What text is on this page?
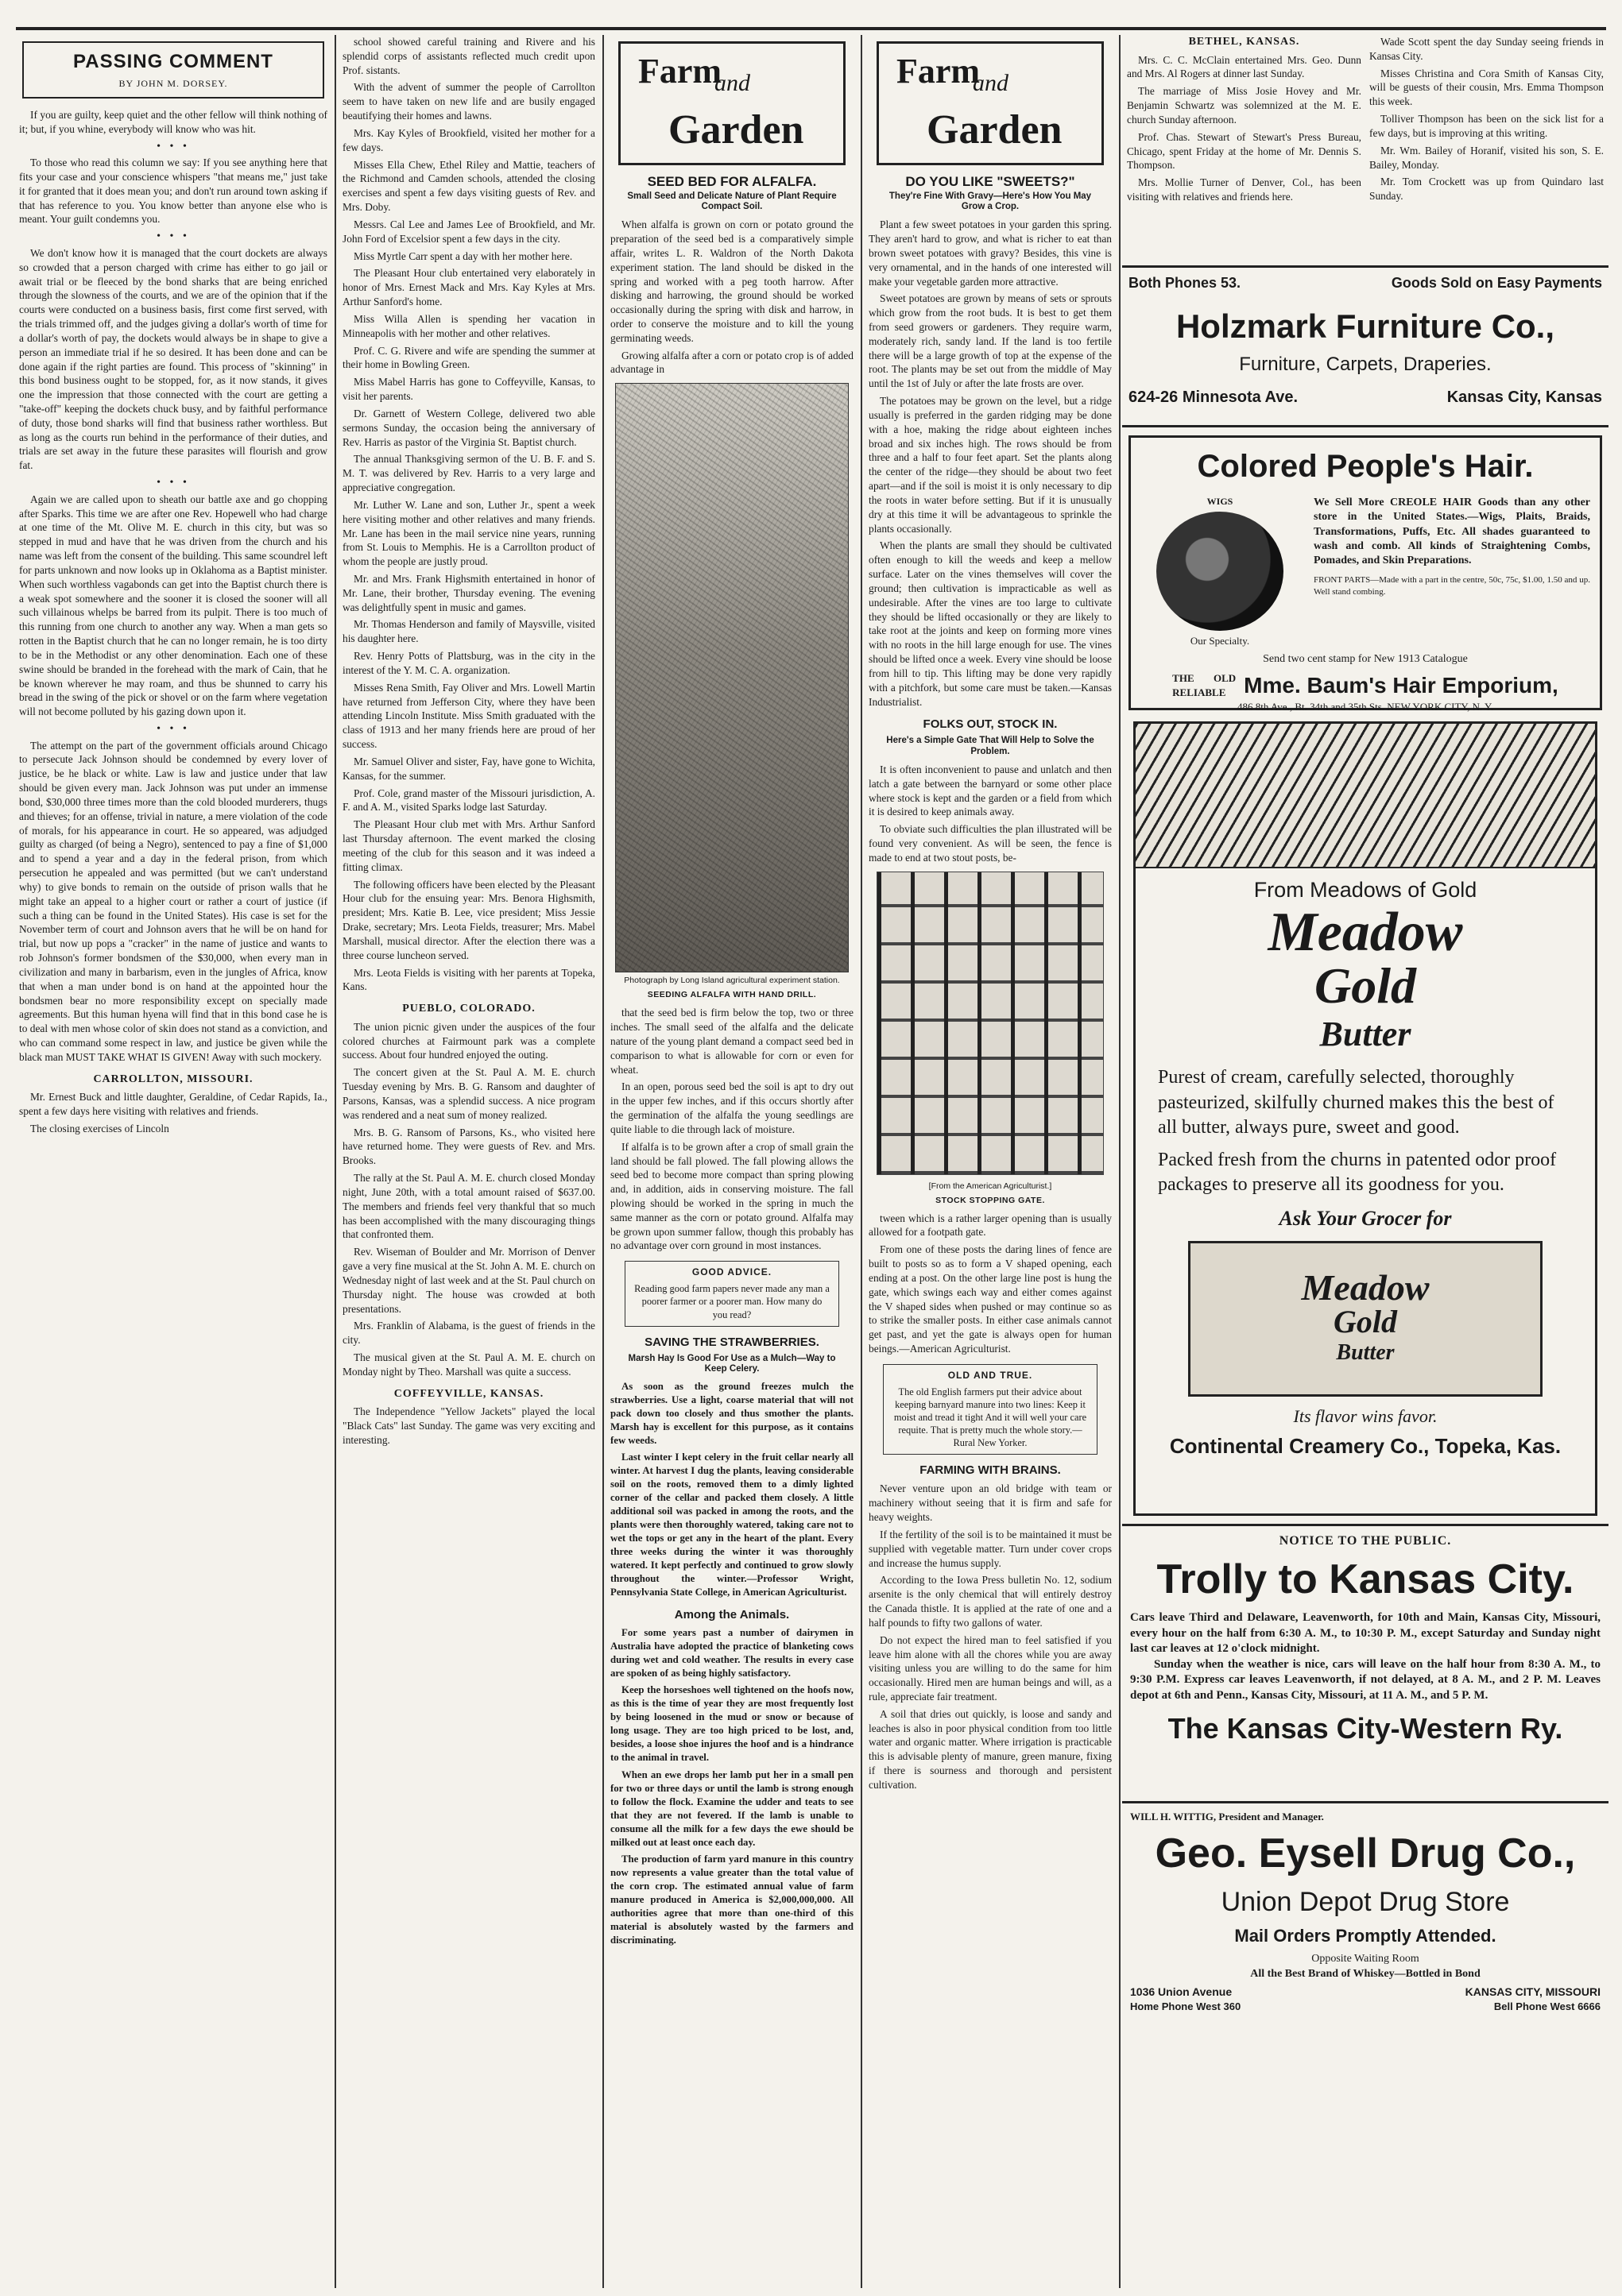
PASSING COMMENT
BY JOHN M. DORSEY.

If you are guilty, keep quiet and the other fellow will think nothing of it; but, if you whine, everybody will know who was hit.

• • •

To those who read this column we say: If you see anything here that fits your case and your conscience whispers "that means me," just take it for granted that it does mean you; and don't run around town asking if that has reference to you. You know better than anyone else who is meant. Your guilt condemns you.

• • •

We don't know how it is managed that the court dockets are always so crowded that a person charged with crime has either to go jail or await trial or be fleeced by the bond sharks that are being enriched through the slowness of the courts, and we are of the opinion that if the courts were conducted on a business basis, first come first served, with the trials trimmed off, and the judges giving a dollar's worth of time for a dollar's worth of pay, the dockets would always be in shape to give a person an immediate trial if he so desired. It has been done and can be done again if the right parties are found. This process of "skinning" in this bond business ought to be stopped, for, as it now stands, it gives one the impression that those connected with the court are getting a "take-off" keeping the dockets chuck busy, and by faithful performance of duty, those bond sharks will find that business rather worthless. But as long as the courts run behind in the performance of their duties, and trials are set away in the future these parasites will flourish and grow fat.

• • •

Again we are called upon to sheath our battle axe and go chopping after Sparks. This time we are after one Rev. Hopewell who had charge at one time of the Mt. Olive M. E. church in this city, but was so stepped in mud and have that he was driven from the church and his name was left from the consent of the building. This same scoundrel left for parts unknown and now looks up in Oklahoma as a Baptist minister. When such worthless vagabonds can get into the Baptist church there is a weak spot somewhere and the sooner it is closed the sooner will all such villainous whelps be barred from its pulpit. There is too much of this running from one church to another any way. When a man gets so rotten in the Baptist church that he can no longer remain, he is too dirty to be in the Methodist or any other denomination. Each one of these swine should be branded in the forehead with the mark of Cain, that he be known wherever he may roam, and thus be shunned to carry his bread in the swing of the pick or shovel or on the farm where vegetation will not become polluted by his gazing down upon it.

• • •

The attempt on the part of the government officials around Chicago to persecute Jack Johnson should be condemned by every lover of justice, be he black or white. Law is law and justice under that law should be given every man. Jack Johnson was put under an immense bond, $30,000 three times more than the cold blooded murderers, thugs and thieves; for an offense, trivial in nature, a mere violation of the code of morals, for his appearance in court. He so appeared, was adjudged guilty as charged (of being a Negro), sentenced to pay a fine of $1,000 and to spend a year and a day in the federal prison, from which persecution he appealed and was permitted (but we can't understand why) to give bonds to remain on the outside of prison walls that he might take an appeal to a higher court or rather a court of justice (if such a thing can be found in the United States). His case is set for the November term of court and Johnson avers that he will be on hand for trial, but now up pops a "cracker" in the name of justice and wants to rob Johnson's former bondsmen of the $30,000, when every man in civilization and many in barbarism, even in the jungles of Africa, know that when a man under bond is on hand at the appointed hour the bondsmen bear no more responsibility except on specially made agreements. But this human hyena will find that in this bond case he is to deal with men whose color of skin does not stand as a conviction, and who can command some respect in law, and justice be given while the black man MUST TAKE WHAT IS GIVEN! Away with such mockery.

CARROLLTON, MISSOURI.

Mr. Ernest Buck and little daughter, Geraldine, of Cedar Rapids, Ia., spent a few days here visiting with relatives and friends.

The closing exercises of Lincoln

school showed careful training and Rivere and his splendid corps of assistants reflected much credit upon Prof. sistants.

With the advent of summer the people of Carrollton seem to have taken on new life and are busily engaged beautifying their homes and lawns.

Mrs. Kay Kyles of Brookfield, visited her mother for a few days.

Misses Ella Chew, Ethel Riley and Mattie, teachers of the Richmond and Camden schools, attended the closing exercises and spent a few days visiting guests of Rev. and Mrs. Doby.

Messrs. Cal Lee and James Lee of Brookfield, and Mr. John Ford of Excelsior spent a few days in the city.

Miss Myrtle Carr spent a day with her mother here.

The Pleasant Hour club entertained very elaborately in honor of Mrs. Ernest Mack and Mrs. Kay Kyles at Mrs. Arthur Sanford's home.

Miss Willa Allen is spending her vacation in Minneapolis with her mother and other relatives.

Prof. C. G. Rivere and wife are spending the summer at their home in Bowling Green.

Miss Mabel Harris has gone to Coffeyville, Kansas, to visit her parents.

Dr. Garnett of Western College, delivered two able sermons Sunday, the occasion being the anniversary of Rev. Harris as pastor of the Virginia St. Baptist church.

The annual Thanksgiving sermon of the U. B. F. and S. M. T. was delivered by Rev. Harris to a very large and appreciative congregation.

Mr. Luther W. Lane and son, Luther Jr., spent a week here visiting mother and other relatives and many friends. Mr. Lane has been in the mail service nine years, running from St. Louis to Memphis. He is a Carrollton product of whom the people are justly proud.

Mr. and Mrs. Frank Highsmith entertained in honor of Mr. Lane, their brother, Thursday evening. The evening was delightfully spent in music and games.

Mr. Thomas Henderson and family of Maysville, visited his daughter here.

Rev. Henry Potts of Plattsburg, was in the city in the interest of the Y. M. C. A. organization.

Misses Rena Smith, Fay Oliver and Mrs. Lowell Martin have returned from Jefferson City, where they have been attending Lincoln Institute. Miss Smith graduated with the class of 1913 and her many friends here are proud of her success.

Mr. Samuel Oliver and sister, Fay, have gone to Wichita, Kansas, for the summer.

Prof. Cole, grand master of the Missouri jurisdiction, A. F. and A. M., visited Sparks lodge last Saturday.

The Pleasant Hour club met with Mrs. Arthur Sanford last Thursday afternoon. The event marked the closing meeting of the club for this season and it was indeed a fitting climax.

The following officers have been elected by the Pleasant Hour club for the ensuing year: Mrs. Benora Highsmith, president; Mrs. Katie B. Lee, vice president; Miss Jessie Drake, secretary; Mrs. Leota Fields, treasurer; Mrs. Mabel Marshall, musical director. After the election there was a three course luncheon served.

Mrs. Leota Fields is visiting with her parents at Topeka, Kans.

PUEBLO, COLORADO.

The union picnic given under the auspices of the four colored churches at Fairmount park was a complete success. About four hundred enjoyed the outing.

The concert given at the St. Paul A. M. E. church Tuesday evening by Mrs. B. G. Ransom and daughter of Parsons, Kansas, was a splendid success. A nice program was rendered and a neat sum of money realized.

Mrs. B. G. Ransom of Parsons, Ks., who visited here have returned home. They were guests of Rev. and Mrs. Brooks.

The rally at the St. Paul A. M. E. church closed Monday night, June 20th, with a total amount raised of $637.00. The members and friends feel very thankful that so much has been accomplished with the many discouraging things that confronted them.

Rev. Wiseman of Boulder and Mr. Morrison of Denver gave a very fine musical at the St. John A. M. E. church on Wednesday night of last week and at the St. Paul church on Thursday night. The house was crowded at both presentations.

Mrs. Franklin of Alabama, is the guest of friends in the city.

The musical given at the St. Paul A. M. E. church on Monday night by Theo. Marshall was quite a success.

COFFEYVILLE, KANSAS.

The Independence "Yellow Jackets" played the local "Black Cats" last Sunday. The game was very exciting and interesting.

Farm
and
Garden
SEED BED FOR ALFALFA.
Small Seed and Delicate Nature of Plant Require Compact Soil.

When alfalfa is grown on corn or potato ground the preparation of the seed bed is a comparatively simple affair, writes L. R. Waldron of the North Dakota experiment station. The land should be disked in the spring and worked with a peg tooth harrow. After disking and harrowing, the ground should be worked occasionally during the spring with disk and harrow, in order to conserve the moisture and to kill the young germinating weeds.

Growing alfalfa after a corn or potato crop is of added advantage in

Photograph by Long Island agricultural experiment station.
SEEDING ALFALFA WITH HAND DRILL.

that the seed bed is firm below the top, two or three inches. The small seed of the alfalfa and the delicate nature of the young plant demand a compact seed bed in comparison to what is allowable for corn or even for wheat.

In an open, porous seed bed the soil is apt to dry out in the upper few inches, and if this occurs shortly after the germination of the alfalfa the young seedlings are quite liable to die through lack of moisture.

If alfalfa is to be grown after a crop of small grain the land should be fall plowed. The fall plowing allows the seed bed to become more compact than spring plowing and, in addition, aids in conserving moisture. The fall plowing should be worked in the spring in much the same manner as the corn or potato ground. Alfalfa may be grown upon summer fallow, though this probably has no advantage over corn ground in most instances.

GOOD ADVICE.
Reading good farm papers never made any man a poorer farmer or a poorer man. How many do you read?
SAVING THE STRAWBERRIES.
Marsh Hay Is Good For Use as a Mulch—Way to Keep Celery.

As soon as the ground freezes mulch the strawberries. Use a light, coarse material that will not pack down too closely and thus smother the plants. Marsh hay is excellent for this purpose, as it contains few weeds.

Last winter I kept celery in the fruit cellar nearly all winter. At harvest I dug the plants, leaving considerable soil on the roots, removed them to a dimly lighted corner of the cellar and packed them closely. A little additional soil was packed in among the roots, and the plants were then thoroughly watered, taking care not to wet the tops or get any in the heart of the plant. Every three weeks during the winter it was thoroughly watered. It kept perfectly and continued to grow slowly throughout the winter.—Professor Wright, Pennsylvania State College, in American Agriculturist.

Among the Animals.

For some years past a number of dairymen in Australia have adopted the practice of blanketing cows during wet and cold weather. The results in every case are spoken of as being highly satisfactory.

Keep the horseshoes well tightened on the hoofs now, as this is the time of year they are most frequently lost by being loosened in the mud or snow or because of long usage. They are too high priced to be lost, and, besides, a loose shoe injures the hoof and is a hindrance to the animal in travel.

When an ewe drops her lamb put her in a small pen for two or three days or until the lamb is strong enough to follow the flock. Examine the udder and teats to see that they are not fevered. If the lamb is unable to consume all the milk for a few days the ewe should be milked out at least once each day.

The production of farm yard manure in this country now represents a value greater than the total value of the corn crop. The estimated annual value of farm manure produced in America is $2,000,000,000. All authorities agree that more than one-third of this material is absolutely wasted by the farmers and discriminating.

Farm
and
Garden
DO YOU LIKE "SWEETS?"
They're Fine With Gravy—Here's How You May Grow a Crop.

Plant a few sweet potatoes in your garden this spring. They aren't hard to grow, and what is richer to eat than brown sweet potatoes with gravy? Besides, this vine is very ornamental, and in the hands of one interested will make your vegetable garden more attractive.

Sweet potatoes are grown by means of sets or sprouts which grow from the root buds. It is best to get them from seed growers or gardeners. They require warm, moderately rich, sandy land. If the land is too fertile there will be a large growth of top at the expense of the root. The plants may be set out from the middle of May until the 1st of July or after the late frosts are over.

The potatoes may be grown on the level, but a ridge usually is preferred in the garden ridging may be done with a hoe, making the ridge about eighteen inches broad and six inches high. The rows should be from three and a half to four feet apart. Set the plants along the center of the ridge—they should be about two feet apart—and if the soil is moist it is only necessary to dip the roots in water before setting. But if it is unusually dry at this time it will be advantageous to sprinkle the plants occasionally.

When the plants are small they should be cultivated often enough to kill the weeds and keep a mellow surface. Later on the vines themselves will cover the ground; then cultivation is impracticable as well as undesirable. After the vines are too large to cultivate they should be lifted occasionally or they are likely to take root at the joints and keep on forming more vines with no roots in the hill large enough for use. The vines should be lifted once a week. Every vine should be loose from hill to tip. This lifting may be done very rapidly with a pitchfork, but some care must be taken.—Kansas Industrialist.

FOLKS OUT, STOCK IN.
Here's a Simple Gate That Will Help to Solve the Problem.

It is often inconvenient to pause and unlatch and then latch a gate between the barnyard or some other place where stock is kept and the garden or a field from which it is desired to keep animals away.

To obviate such difficulties the plan illustrated will be found very convenient. As will be seen, the fence is made to end at two stout posts, be-

[From the American Agriculturist.]
STOCK STOPPING GATE.

tween which is a rather larger opening than is usually allowed for a footpath gate.

From one of these posts the daring lines of fence are built to posts so as to form a V shaped opening, each ending at a post. On the other large line post is hung the gate, which swings each way and either comes against the V shaped sides when pushed or may continue so as to strike the smaller posts. In either case animals cannot get past, and yet the gate is always open for human beings.—American Agriculturist.

OLD AND TRUE.
The old English farmers put their advice about keeping barnyard manure into two lines: Keep it moist and tread it tight And it will well your care requite. That is pretty much the whole story.—Rural New Yorker.
FARMING WITH BRAINS.

Never venture upon an old bridge with team or machinery without seeing that it is firm and safe for heavy weights.

If the fertility of the soil is to be maintained it must be supplied with vegetable matter. Turn under cover crops and increase the humus supply.

According to the Iowa Press bulletin No. 12, sodium arsenite is the only chemical that will entirely destroy the Canada thistle. It is applied at the rate of one and a half pounds to fifty two gallons of water.

Do not expect the hired man to feel satisfied if you leave him alone with all the chores while you are away visiting unless you are willing to do the same for him occasionally. Hired men are human beings and will, as a rule, appreciate fair treatment.

A soil that dries out quickly, is loose and sandy and leaches is also in poor physical condition from too little water and organic matter. Where irrigation is practicable this is advisable plenty of manure, green manure, fixing if there is sourness and thorough and persistent cultivation.

BETHEL, KANSAS.

Mrs. C. C. McClain entertained Mrs. Geo. Dunn and Mrs. Al Rogers at dinner last Sunday.

The marriage of Miss Josie Hovey and Mr. Benjamin Schwartz was solemnized at the M. E. church Sunday afternoon.

Prof. Chas. Stewart of Stewart's Press Bureau, Chicago, spent Friday at the home of Mr. Dennis S. Thompson.

Mrs. Mollie Turner of Denver, Col., has been visiting with relatives and friends here.

Wade Scott spent the day Sunday seeing friends in Kansas City.

Misses Christina and Cora Smith of Kansas City, will be guests of their cousin, Mrs. Emma Thompson this week.

Tolliver Thompson has been on the sick list for a few days, but is improving at this writing.

Mr. Wm. Bailey of Horanif, visited his son, S. E. Bailey, Monday.

Mr. Tom Crockett was up from Quindaro last Sunday.

Both Phones 53.	Goods Sold on Easy Payments
Holzmark Furniture Co.,
Furniture, Carpets, Draperies.
624-26 Minnesota Ave.	Kansas City, Kansas
Colored People's Hair.
WIGS
Our Specialty.
We Sell More CREOLE HAIR Goods than any other store in the United States.—Wigs, Plaits, Braids, Transformations, Puffs, Etc. All shades guaranteed to wash and comb. All kinds of Straightening Combs, Pomades, and Skin Preparations.
FRONT PARTS—Made with a part in the centre, 50c, 75c, $1.00, 1.50 and up. Well stand combing.
Send two cent stamp for New 1913 Catalogue
THE OLD RELIABLE Mme. Baum's Hair Emporium,
486 8th Ave., Bt. 34th and 35th Sts. NEW YORK CITY, N. Y.
From Meadows of Gold
Meadow
Gold
Butter
Purest of cream, carefully selected, thoroughly pasteurized, skilfully churned makes this the best of all butter, always pure, sweet and good.
Packed fresh from the churns in patented odor proof packages to preserve all its goodness for you.
Ask Your Grocer for
Meadow
Gold
Butter
Its flavor wins favor.
Continental Creamery Co., Topeka, Kas.
NOTICE TO THE PUBLIC.
Trolly to Kansas City.
Cars leave Third and Delaware, Leavenworth, for 10th and Main, Kansas City, Missouri, every hour on the half from 6:30 A. M., to 10:30 P. M., except Saturday and Sunday night last car leaves at 12 o'clock midnight.
Sunday when the weather is nice, cars will leave on the half hour from 8:30 A. M., to 9:30 P.M. Express car leaves Leavenworth, if not delayed, at 8 A. M., and 2 P. M. Leaves depot at 6th and Penn., Kansas City, Missouri, at 11 A. M., and 5 P. M.
The Kansas City-Western Ry.
WILL H. WITTIG, President and Manager.
Geo. Eysell Drug Co.,
Union Depot Drug Store
Mail Orders Promptly Attended.
Opposite Waiting Room
All the Best Brand of Whiskey—Bottled in Bond
1036 Union Avenue	KANSAS CITY, MISSOURI
Home Phone West 360	Bell Phone West 6666
